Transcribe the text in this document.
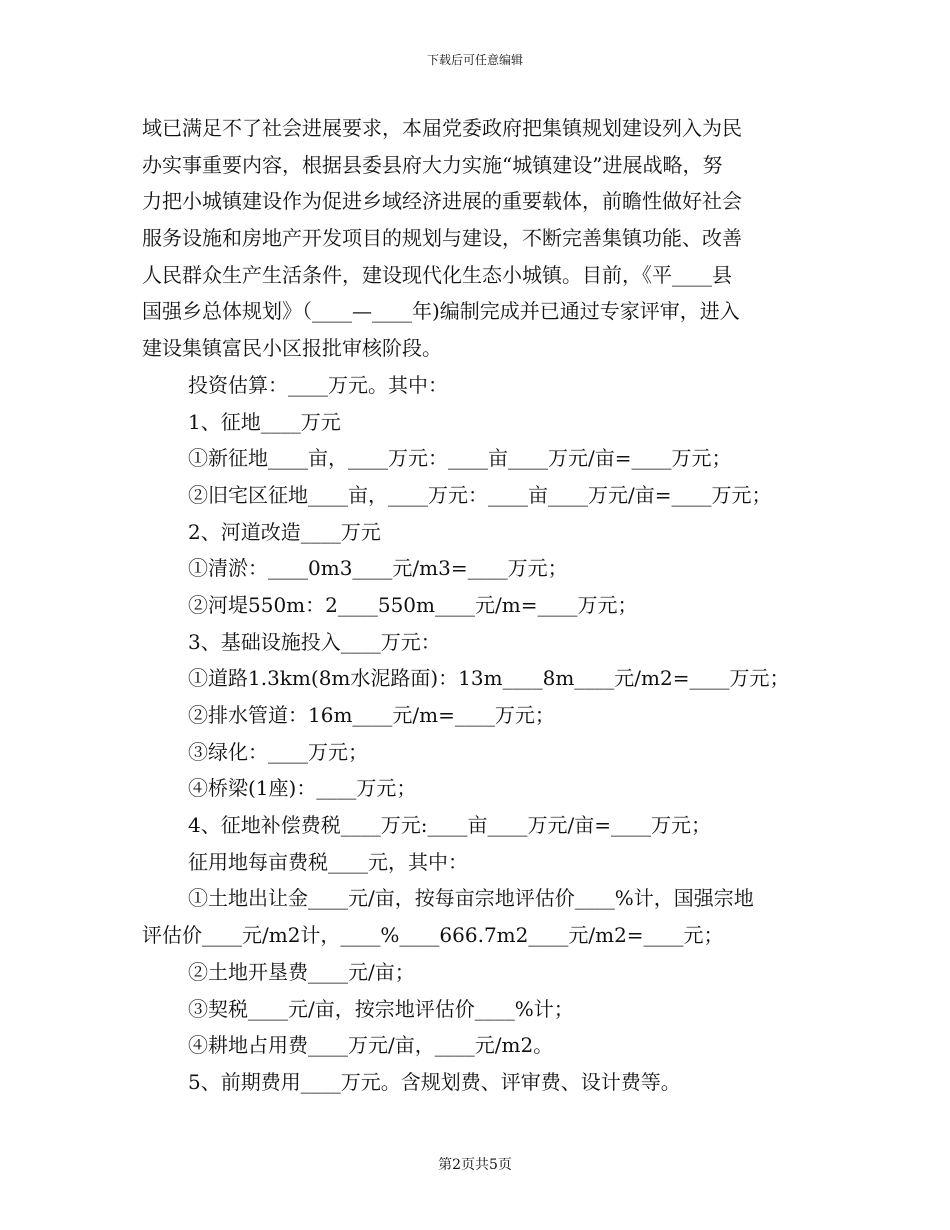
下载后可任意编辑
域已满足不了社会进展要求，本届党委政府把集镇规划建设列入为民
办实事重要内容，根据县委县府大力实施“城镇建设”进展战略，努
力把小城镇建设作为促进乡域经济进展的重要载体，前瞻性做好社会
服务设施和房地产开发项目的规划与建设，不断完善集镇功能、改善
人民群众生产生活条件，建设现代化生态小城镇。目前，《平____县
国强乡总体规划》（____—____年)编制完成并已通过专家评审，进入
建设集镇富民小区报批审核阶段。
投资估算：____万元。其中：
1、征地____万元
①新征地____亩，____万元：____亩____万元/亩=____万元；
②旧宅区征地____亩，____万元：____亩____万元/亩=____万元；
2、河道改造____万元
①清淤：____0m3____元/m3=____万元；
②河堤550m：2____550m____元/m=____万元；
3、基础设施投入____万元：
①道路1.3km(8m水泥路面)：13m____8m____元/m2=____万元；
②排水管道：16m____元/m=____万元；
③绿化：____万元；
④桥梁(1座)：____万元；
4、征地补偿费税____万元:____亩____万元/亩=____万元；
征用地每亩费税____元，其中：
①土地出让金____元/亩，按每亩宗地评估价____%计，国强宗地
评估价____元/m2计，____%____666.7m2____元/m2=____元；
②土地开垦费____元/亩；
③契税____元/亩，按宗地评估价____%计；
④耕地占用费____万元/亩，____元/m2。
5、前期费用____万元。含规划费、评审费、设计费等。
第2页共5页
